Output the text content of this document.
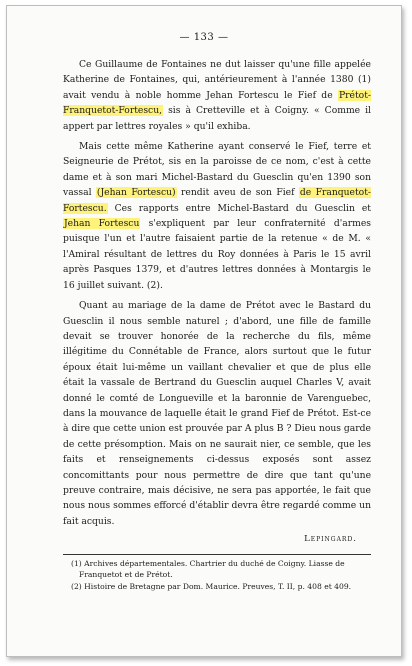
— 133 —

Ce Guillaume de Fontaines ne dut laisser qu'une fille appelée Katherine de Fontaines, qui, antérieurement à l'année 1380 (1) avait vendu à noble homme Jehan Fortescu le Fief de Prétot-Franquetot-Fortescu, sis à Cretteville et à Coigny. « Comme il appert par lettres royales » qu'il exhiba.

Mais cette même Katherine ayant conservé le Fief, terre et Seigneurie de Prétot, sis en la paroisse de ce nom, c'est à cette dame et à son mari Michel-Bastard du Guesclin qu'en 1390 son vassal (Jehan Fortescu) rendit aveu de son Fief de Franquetot-Fortescu. Ces rapports entre Michel-Bastard du Guesclin et Jehan Fortescu s'expliquent par leur confraternité d'armes puisque l'un et l'autre faisaient partie de la retenue « de M. « l'Amiral résultant de lettres du Roy données à Paris le 15 avril après Pasques 1379, et d'autres lettres données à Montargis le 16 juillet suivant. (2).

Quant au mariage de la dame de Prétot avec le Bastard du Guesclin il nous semble naturel ; d'abord, une fille de famille devait se trouver honorée de la recherche du fils, même illégitime du Connétable de France, alors surtout que le futur époux était lui-même un vaillant chevalier et que de plus elle était la vassale de Bertrand du Guesclin auquel Charles V, avait donné le comté de Longueville et la baronnie de Varenguebec, dans la mouvance de laquelle était le grand Fief de Prétot. Est-ce à dire que cette union est prouvée par A plus B ? Dieu nous garde de cette présomption. Mais on ne saurait nier, ce semble, que les faits et renseignements ci-dessus exposés sont assez concomittants pour nous permettre de dire que tant qu'une preuve contraire, mais décisive, ne sera pas apportée, le fait que nous nous sommes efforcé d'établir devra être regardé comme un fait acquis.

Lepingard.

(1) Archives départementales. Chartrier du duché de Coigny. Liasse de Franquetot et de Prétot.

(2) Histoire de Bretagne par Dom. Maurice. Preuves, T. II, p. 408 et 409.
